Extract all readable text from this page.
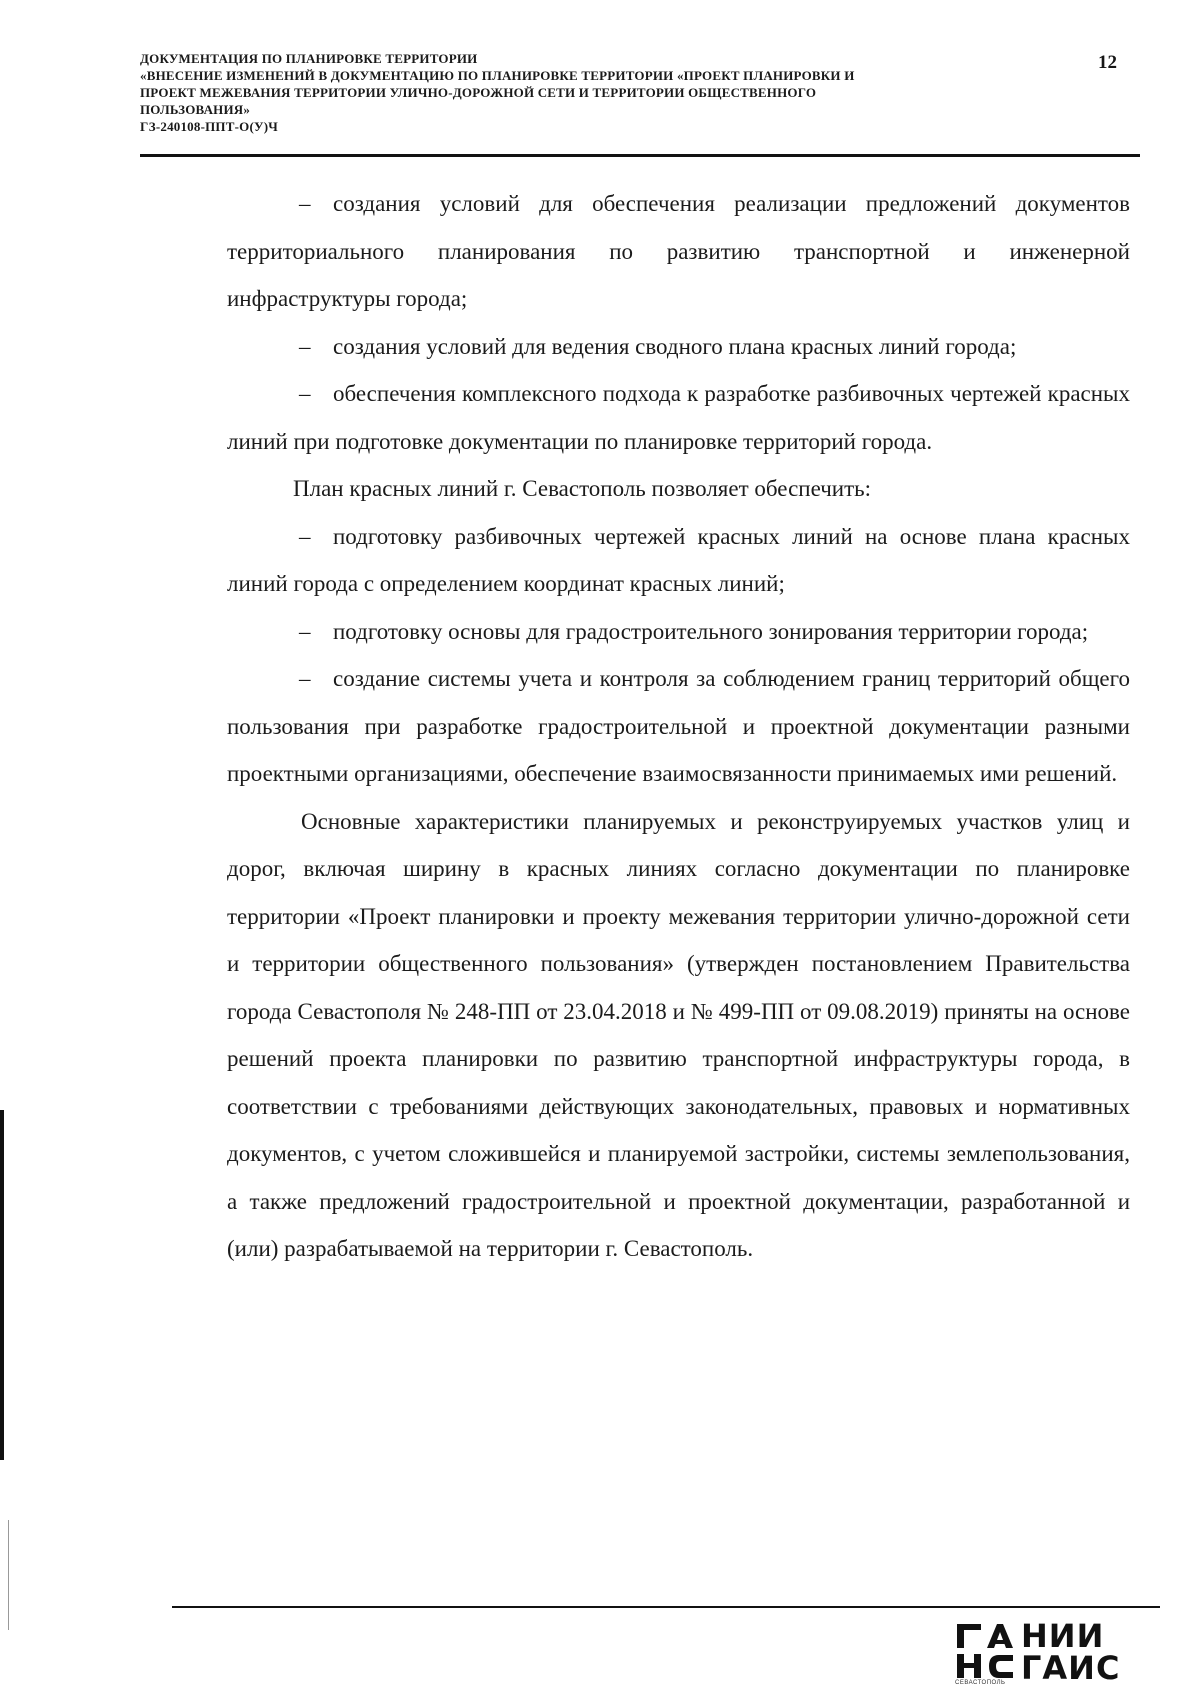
ДОКУМЕНТАЦИЯ ПО ПЛАНИРОВКЕ ТЕРРИТОРИИ
«ВНЕСЕНИЕ ИЗМЕНЕНИЙ В ДОКУМЕНТАЦИЮ ПО ПЛАНИРОВКЕ ТЕРРИТОРИИ «ПРОЕКТ ПЛАНИРОВКИ И
ПРОЕКТ МЕЖЕВАНИЯ ТЕРРИТОРИИ УЛИЧНО-ДОРОЖНОЙ СЕТИ И ТЕРРИТОРИИ ОБЩЕСТВЕННОГО
ПОЛЬЗОВАНИЯ»
ГЗ-240108-ППТ-О(У)Ч
12

– создания условий для обеспечения реализации предложений документов территориального планирования по развитию транспортной и инженерной инфраструктуры города;

– создания условий для ведения сводного плана красных линий города;

– обеспечения комплексного подхода к разработке разбивочных чертежей красных линий при подготовке документации по планировке территорий города.

План красных линий г. Севастополь позволяет обеспечить:

– подготовку разбивочных чертежей красных линий на основе плана красных линий города с определением координат красных линий;

– подготовку основы для градостроительного зонирования территории города;

– создание системы учета и контроля за соблюдением границ территорий общего пользования при разработке градостроительной и проектной документации разными проектными организациями, обеспечение взаимосвязанности принимаемых ими решений.

Основные характеристики планируемых и реконструируемых участков улиц и дорог, включая ширину в красных линиях согласно документации по планировке территории «Проект планировки и проекту межевания территории улично-дорожной сети и территории общественного пользования» (утвержден постановлением Правительства города Севастополя № 248-ПП от 23.04.2018 и № 499-ПП от 09.08.2019) приняты на основе решений проекта планировки по развитию транспортной инфраструктуры города, в соответствии с требованиями действующих законодательных, правовых и нормативных документов, с учетом сложившейся и планируемой застройки, системы землепользования, а также предложений градостроительной и проектной документации, разработанной и (или) разрабатываемой на территории г. Севастополь.

НИИ
ГАИС
СЕВАСТОПОЛЬ
